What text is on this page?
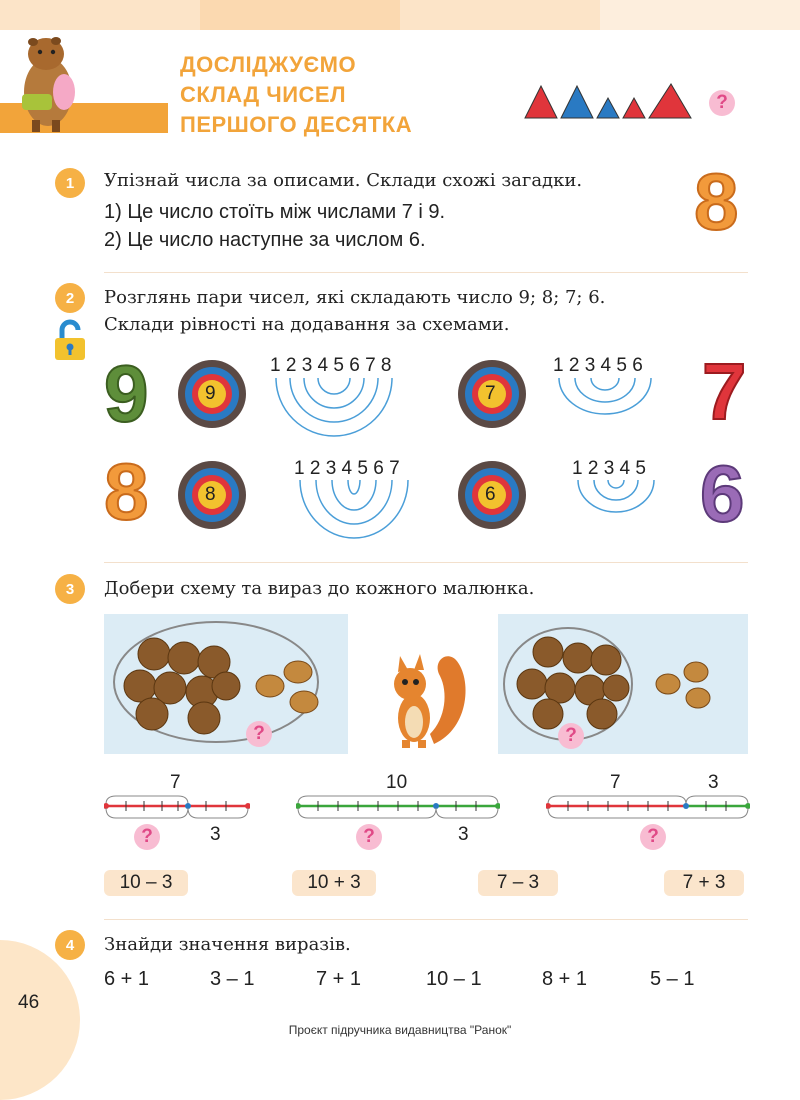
ДОСЛІДЖУЄМО
СКЛАД ЧИСЕЛ
ПЕРШОГО ДЕСЯТКА
?
1	Упізнай числа за описами. Склади схожі загадки.
1) Це число стоїть між числами 7 і 9.
2) Це число наступне за числом 6.	8
2	Розглянь пари чисел, які складають число 9; 8; 7; 6.
Склади рівності на додавання за схемами.
9	7
8	6
9	7
8	6
1 2 3 4 5 6 7 8	1 2 3 4 5 6
1 2 3 4 5 6 7	1 2 3 4 5
3	Добери схему та вираз до кожного малюнка.
?	?
7
?	3
10
?	3
7	3
?
10 – 3	10 + 3	7 – 3	7 + 3
4	Знайди значення виразів.
6 + 1	3 – 1	7 + 1	10 – 1	8 + 1	5 – 1
46
Проєкт підручника видавництва "Ранок"
